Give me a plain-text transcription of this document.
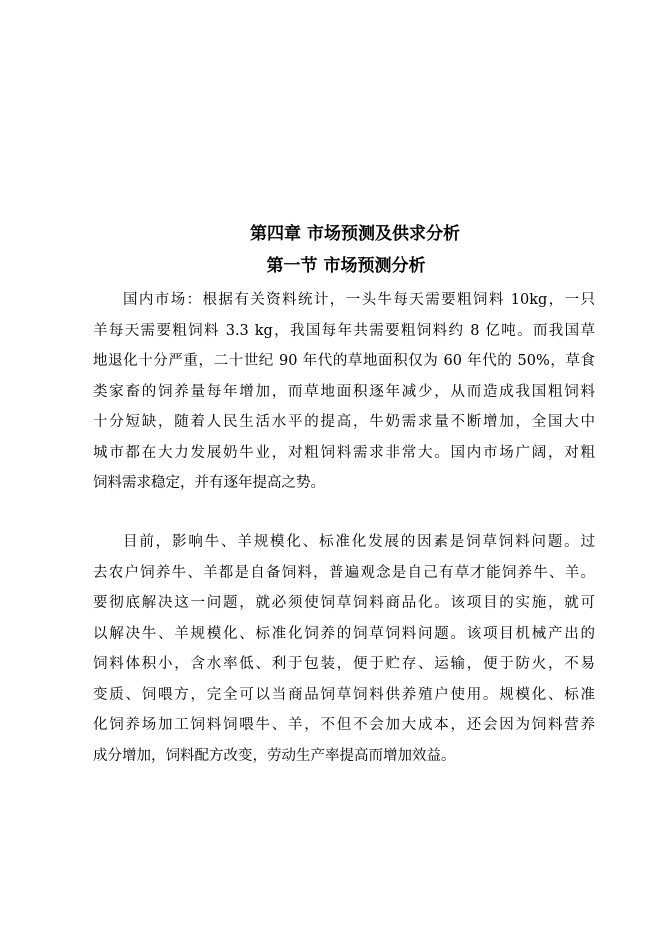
第四章 市场预测及供求分析
第一节 市场预测分析
国内市场：根据有关资料统计，一头牛每天需要粗饲料 10kg，一只
羊每天需要粗饲料 3.3 kg，我国每年共需要粗饲料约 8 亿吨。而我国草
地退化十分严重，二十世纪 90 年代的草地面积仅为 60 年代的 50%，草食
类家畜的饲养量每年增加，而草地面积逐年减少，从而造成我国粗饲料
十分短缺，随着人民生活水平的提高，牛奶需求量不断增加，全国大中
城市都在大力发展奶牛业，对粗饲料需求非常大。国内市场广阔，对粗
饲料需求稳定，并有逐年提高之势。
目前，影响牛、羊规模化、标准化发展的因素是饲草饲料问题。过
去农户饲养牛、羊都是自备饲料，普遍观念是自己有草才能饲养牛、羊。
要彻底解决这一问题，就必须使饲草饲料商品化。该项目的实施，就可
以解决牛、羊规模化、标准化饲养的饲草饲料问题。该项目机械产出的
饲料体积小，含水率低、利于包装，便于贮存、运输，便于防火，不易
变质、饲喂方，完全可以当商品饲草饲料供养殖户使用。规模化、标准
化饲养场加工饲料饲喂牛、羊，不但不会加大成本，还会因为饲料营养
成分增加，饲料配方改变，劳动生产率提高而增加效益。
